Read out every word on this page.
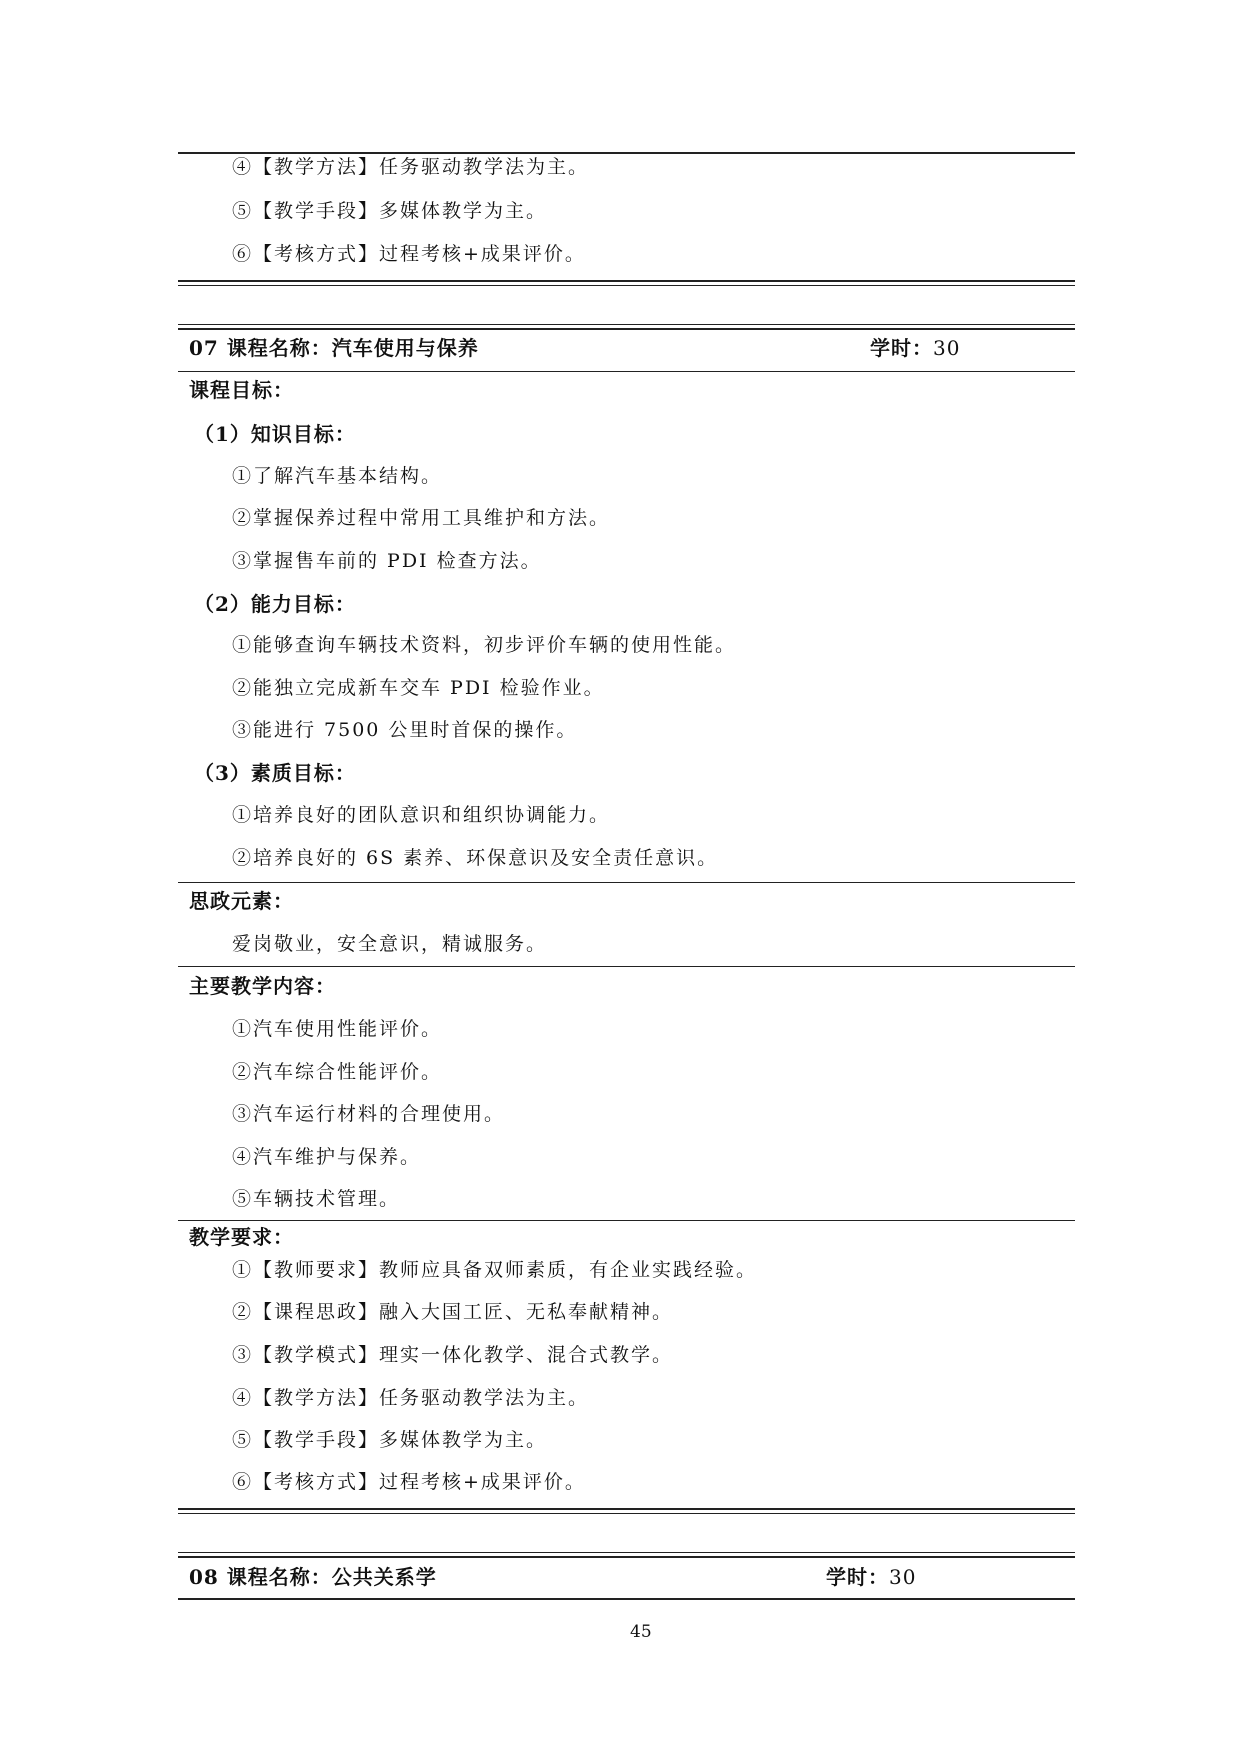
④【教学方法】任务驱动教学法为主。
⑤【教学手段】多媒体教学为主。
⑥【考核方式】过程考核+成果评价。
07 课程名称：汽车使用与保养	学时：30
课程目标：
（1）知识目标：
①了解汽车基本结构。
②掌握保养过程中常用工具维护和方法。
③掌握售车前的 PDI 检查方法。
（2）能力目标：
①能够查询车辆技术资料，初步评价车辆的使用性能。
②能独立完成新车交车 PDI 检验作业。
③能进行 7500 公里时首保的操作。
（3）素质目标：
①培养良好的团队意识和组织协调能力。
②培养良好的 6S 素养、环保意识及安全责任意识。
思政元素：
爱岗敬业，安全意识，精诚服务。
主要教学内容：
①汽车使用性能评价。
②汽车综合性能评价。
③汽车运行材料的合理使用。
④汽车维护与保养。
⑤车辆技术管理。
教学要求：
①【教师要求】教师应具备双师素质，有企业实践经验。
②【课程思政】融入大国工匠、无私奉献精神。
③【教学模式】理实一体化教学、混合式教学。
④【教学方法】任务驱动教学法为主。
⑤【教学手段】多媒体教学为主。
⑥【考核方式】过程考核+成果评价。
08 课程名称：公共关系学	学时：30
45
